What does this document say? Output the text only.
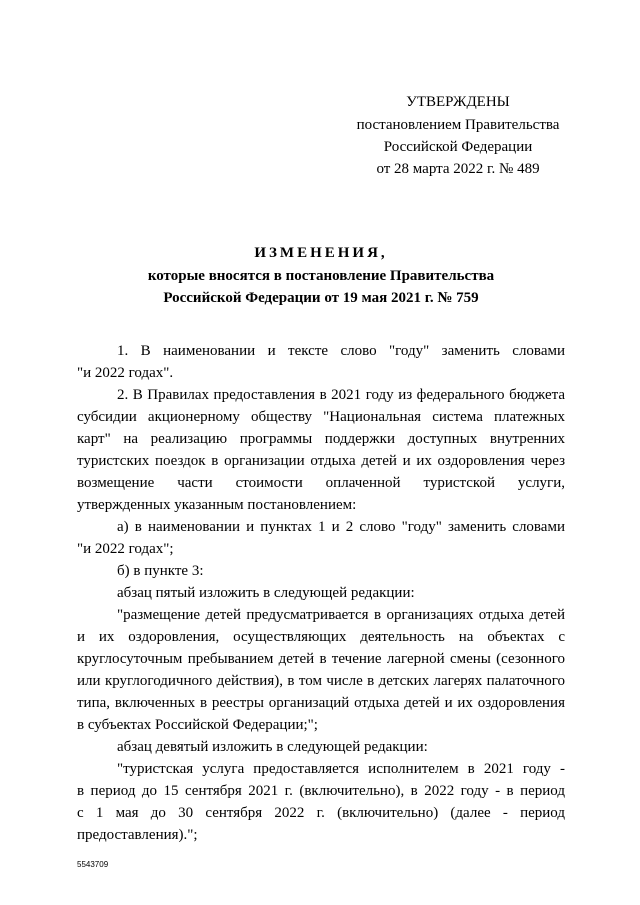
УТВЕРЖДЕНЫ
постановлением Правительства
Российской Федерации
от 28 марта 2022 г. № 489
ИЗМЕНЕНИЯ,
которые вносятся в постановление Правительства
Российской Федерации от 19 мая 2021 г. № 759
1. В наименовании и тексте слово "году" заменить словами
"и 2022 годах".
2. В Правилах предоставления в 2021 году из федерального бюджета
субсидии акционерному обществу "Национальная система платежных
карт" на реализацию программы поддержки доступных внутренних
туристских поездок в организации отдыха детей и их оздоровления через
возмещение части стоимости оплаченной туристской услуги,
утвержденных указанным постановлением:
а) в наименовании и пунктах 1 и 2 слово "году" заменить словами
"и 2022 годах";
б) в пункте 3:
абзац пятый изложить в следующей редакции:
"размещение детей предусматривается в организациях отдыха детей
и их оздоровления, осуществляющих деятельность на объектах с
круглосуточным пребыванием детей в течение лагерной смены (сезонного
или круглогодичного действия), в том числе в детских лагерях палаточного
типа, включенных в реестры организаций отдыха детей и их оздоровления
в субъектах Российской Федерации;";
абзац девятый изложить в следующей редакции:
"туристская услуга предоставляется исполнителем в 2021 году -
в период до 15 сентября 2021 г. (включительно), в 2022 году - в период
с 1 мая до 30 сентября 2022 г. (включительно) (далее - период
предоставления).";
5543709
